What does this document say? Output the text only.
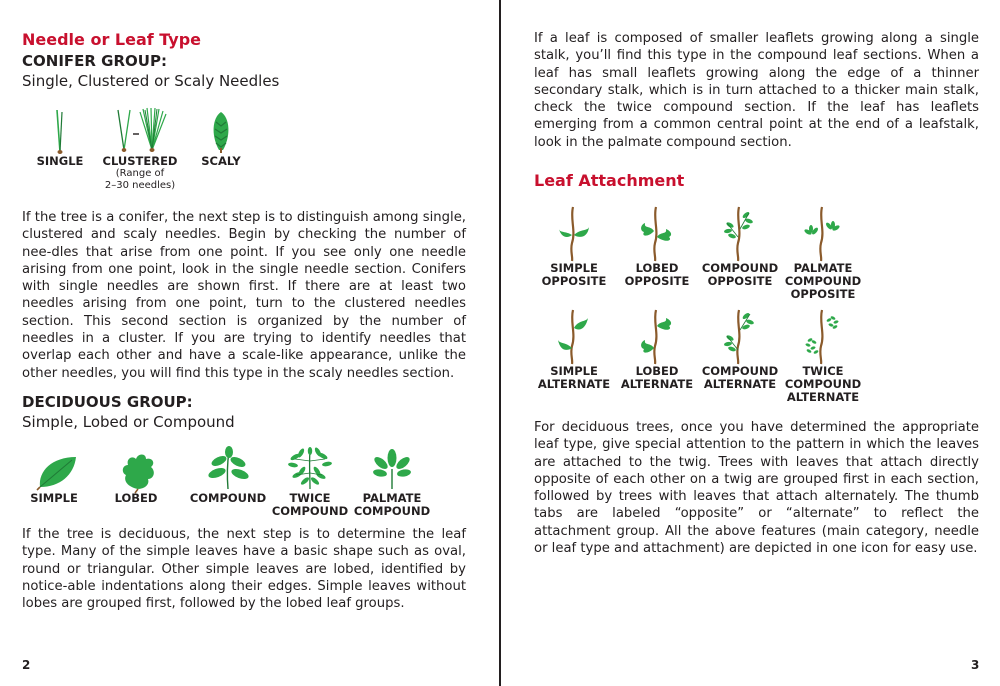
Needle or Leaf Type
CONIFER GROUP:
Single, Clustered or Scaly Needles
SINGLE	CLUSTERED
(Range of
2–30 needles)
SCALY

If the tree is a conifer, the next step is to distinguish among single, clustered and scaly needles. Begin by checking the number of nee-dles that arise from one point. If you see only one needle arising from one point, look in the single needle section. Conifers with single needles are shown first. If there are at least two needles arising from one point, turn to the clustered needles section. This second section is organized by the number of needles in a cluster. If you are trying to identify needles that overlap each other and have a scale-like appearance, unlike the other needles, you will find this type in the scaly needles section.

DECIDUOUS GROUP:
Simple, Lobed or Compound
SIMPLE	LOBED	COMPOUND	TWICE
COMPOUND
PALMATE
COMPOUND

If the tree is deciduous, the next step is to determine the leaf type. Many of the simple leaves have a basic shape such as oval, round or triangular. Other simple leaves are lobed, identified by notice-able indentations along their edges. Simple leaves without lobes are grouped first, followed by the lobed leaf groups.

2

If a leaf is composed of smaller leaflets growing along a single stalk, you’ll find this type in the compound leaf sections. When a leaf has small leaflets growing along the edge of a thinner secondary stalk, which is in turn attached to a thicker main stalk, check the twice compound section. If the leaf has leaflets emerging from a common central point at the end of a leafstalk, look in the palmate compound section.

Leaf Attachment
SIMPLE
OPPOSITE
LOBED
OPPOSITE
COMPOUND
OPPOSITE
PALMATE
COMPOUND
OPPOSITE
SIMPLE
ALTERNATE
LOBED
ALTERNATE
COMPOUND
ALTERNATE
TWICE
COMPOUND
ALTERNATE

For deciduous trees, once you have determined the appropriate leaf type, give special attention to the pattern in which the leaves are attached to the twig. Trees with leaves that attach directly opposite of each other on a twig are grouped first in each section, followed by trees with leaves that attach alternately. The thumb tabs are labeled “opposite” or “alternate” to reflect the attachment group. All the above features (main category, needle or leaf type and attachment) are depicted in one icon for easy use.

3
